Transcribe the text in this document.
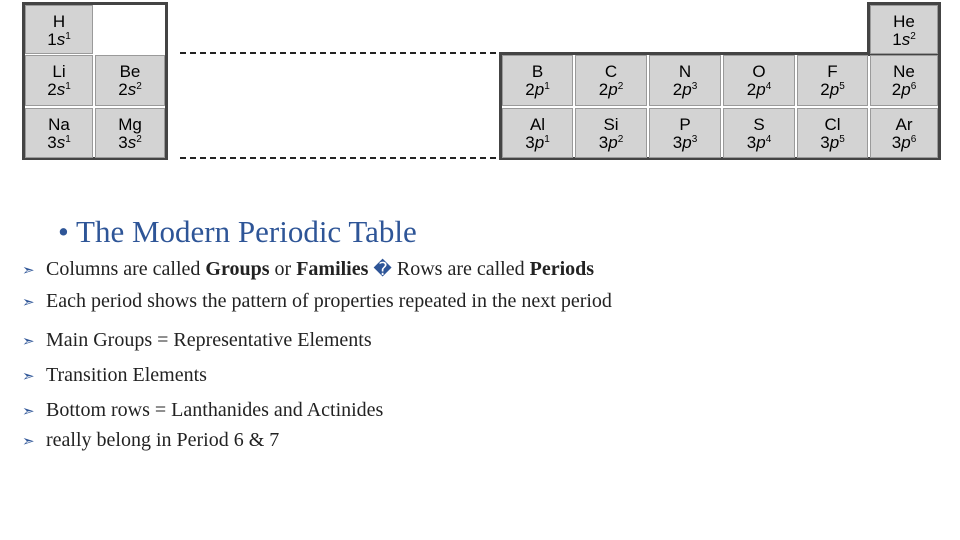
H
$1s^1$
He
$1s^2$
Li
$2s^1$
Be
$2s^2$
B
$2p^1$
C
$2p^2$
N
$2p^3$
O
$2p^4$
F
$2p^5$
Ne
$2p^6$
Na
$3s^1$
Mg
$3s^2$
Al
$3p^1$
Si
$3p^2$
P
$3p^3$
S
$3p^4$
Cl
$3p^5$
Ar
$3p^6$
• The Modern Periodic Table
➣ Columns are called Groups or Families � Rows are called Periods
➣ Each period shows the pattern of properties repeated in the next period
➣ Main Groups = Representative Elements
➣ Transition Elements
➣ Bottom rows = Lanthanides and Actinides
➣ really belong in Period 6 & 7
